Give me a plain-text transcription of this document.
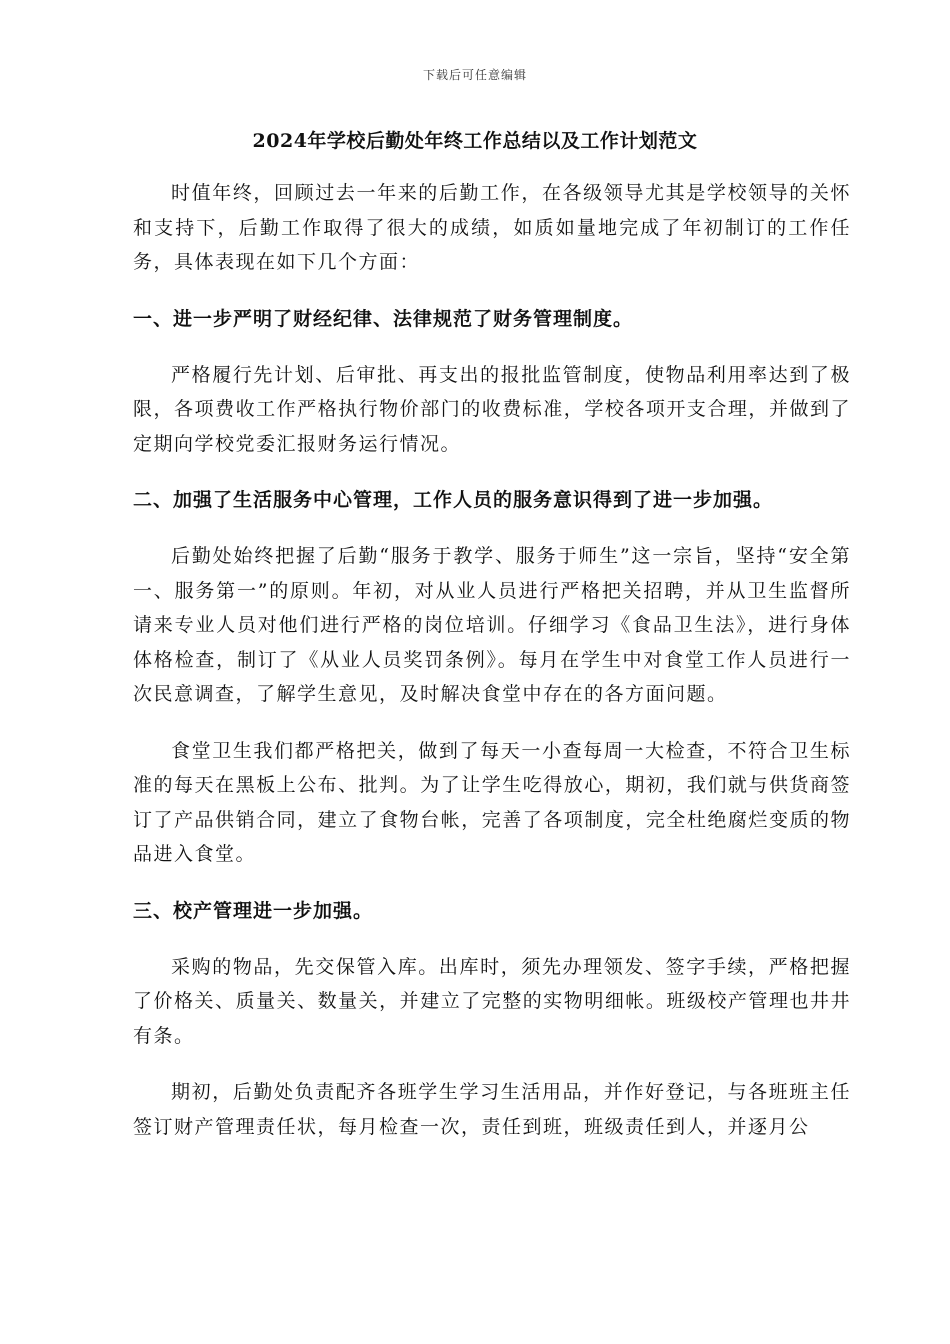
下载后可任意编辑
2024年学校后勤处年终工作总结以及工作计划范文

时值年终，回顾过去一年来的后勤工作，在各级领导尤其是学校领导的关怀和支持下，后勤工作取得了很大的成绩，如质如量地完成了年初制订的工作任务，具体表现在如下几个方面：

一、进一步严明了财经纪律、法律规范了财务管理制度。

严格履行先计划、后审批、再支出的报批监管制度，使物品利用率达到了极限，各项费收工作严格执行物价部门的收费标准，学校各项开支合理，并做到了定期向学校党委汇报财务运行情况。

二、加强了生活服务中心管理，工作人员的服务意识得到了进一步加强。

后勤处始终把握了后勤“服务于教学、服务于师生”这一宗旨，坚持“安全第一、服务第一”的原则。年初，对从业人员进行严格把关招聘，并从卫生监督所请来专业人员对他们进行严格的岗位培训。仔细学习《食品卫生法》，进行身体体格检查，制订了《从业人员奖罚条例》。每月在学生中对食堂工作人员进行一次民意调查，了解学生意见，及时解决食堂中存在的各方面问题。

食堂卫生我们都严格把关，做到了每天一小查每周一大检查，不符合卫生标准的每天在黑板上公布、批判。为了让学生吃得放心，期初，我们就与供货商签订了产品供销合同，建立了食物台帐，完善了各项制度，完全杜绝腐烂变质的物品进入食堂。

三、校产管理进一步加强。

采购的物品，先交保管入库。出库时，须先办理领发、签字手续，严格把握了价格关、质量关、数量关，并建立了完整的实物明细帐。班级校产管理也井井有条。

期初，后勤处负责配齐各班学生学习生活用品，并作好登记，与各班班主任签订财产管理责任状，每月检查一次，责任到班，班级责任到人，并逐月公
